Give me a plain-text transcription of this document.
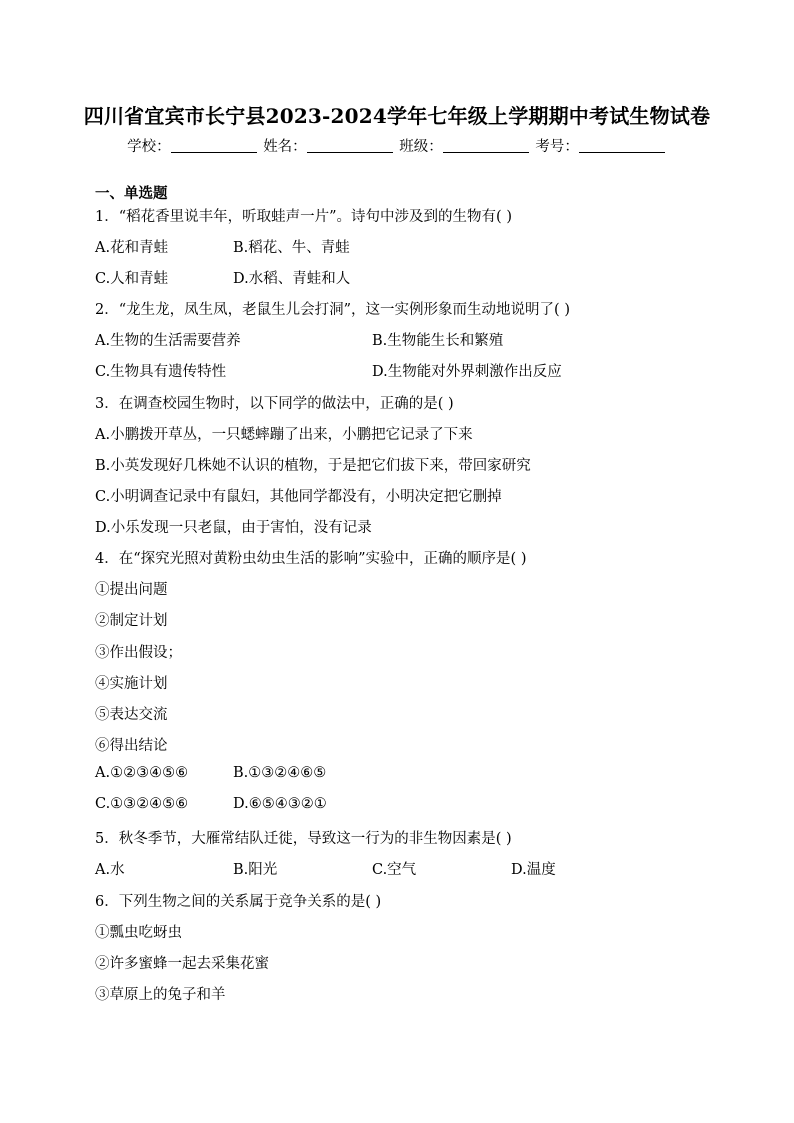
四川省宜宾市长宁县2023-2024学年七年级上学期期中考试生物试卷
学校：	姓名：	班级：	考号：
一、单选题
1．“稻花香里说丰年，听取蛙声一片”。诗句中涉及到的生物有( )
A.花和青蛙	B.稻花、牛、青蛙
C.人和青蛙	D.水稻、青蛙和人
2．“龙生龙，凤生凤，老鼠生儿会打洞”，这一实例形象而生动地说明了( )
A.生物的生活需要营养	B.生物能生长和繁殖
C.生物具有遗传特性	D.生物能对外界刺激作出反应
3．在调查校园生物时，以下同学的做法中，正确的是( )
A.小鹏拨开草丛，一只蟋蟀蹦了出来，小鹏把它记录了下来
B.小英发现好几株她不认识的植物，于是把它们拔下来，带回家研究
C.小明调查记录中有鼠妇，其他同学都没有，小明决定把它删掉
D.小乐发现一只老鼠，由于害怕，没有记录
4．在“探究光照对黄粉虫幼虫生活的影响”实验中，正确的顺序是( )
①提出问题
②制定计划
③作出假设；
④实施计划
⑤表达交流
⑥得出结论
A.①②③④⑤⑥	B.①③②④⑥⑤
C.①③②④⑤⑥	D.⑥⑤④③②①
5．秋冬季节，大雁常结队迁徙，导致这一行为的非生物因素是( )
A.水	B.阳光	C.空气	D.温度
6．下列生物之间的关系属于竞争关系的是( )
①瓢虫吃蚜虫
②许多蜜蜂一起去采集花蜜
③草原上的兔子和羊
